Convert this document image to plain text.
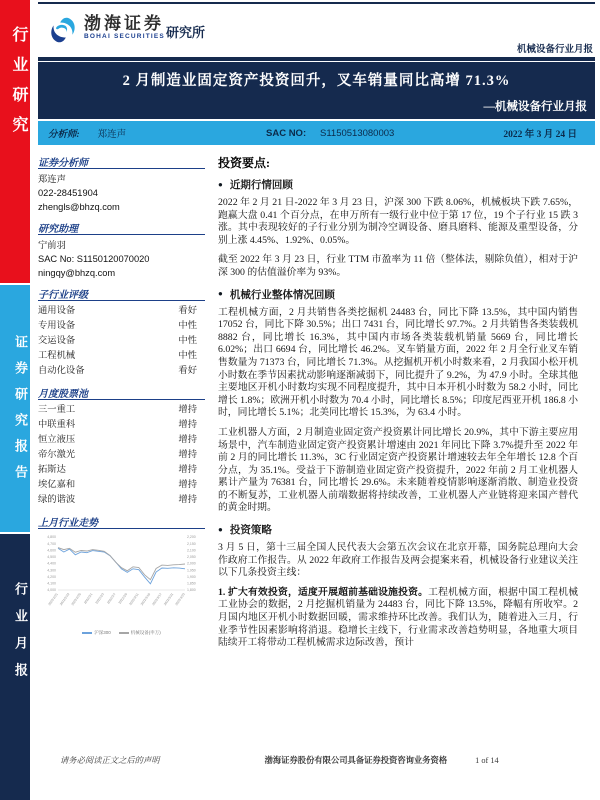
行业研究
证券研究报告
行业月报
渤海证券
BOHAI SECURITIES 研究所
机械设备行业月报
2 月制造业固定资产投资回升，叉车销量同比高增 71.3%
—机械设备行业月报
分析师: 郑连声	SAC NO: S1150513080003	2022 年 3 月 24 日
证券分析师
郑连声
022-28451904
zhengls@bhzq.com
研究助理
宁前羽
SAC No: S1150120070020
ningqy@bhzq.com
子行业评级
通用设备	看好
专用设备	中性
交运设备	中性
工程机械	中性
自动化设备	看好
月度股票池
三一重工	增持
中联重科	增持
恒立液压	增持
帝尔激光	增持
拓斯达	增持
埃亿嘉和	增持
绿的谐波	增持
上月行业走势
4,800
4,700
4,600
4,500
4,400
4,300
4,200
4,100
4,000
2,200
2,150
2,100
2,050
2,000
1,950
1,900
1,850
1,800
2022/2/21 2022/2/23 2022/2/25 2022/3/1 2022/3/3 2022/3/7 2022/3/9 2022/3/11 2022/3/15 2022/3/17 2022/3/21 2022/3/23
沪深300	机械设备(申万)
投资要点:
●
近期行情回顾

2022 年 2 月 21 日-2022 年 3 月 23 日，沪深 300 下跌 8.06%，机械板块下跌 7.65%，跑赢大盘 0.41 个百分点，在申万所有一级行业中位于第 17 位，19 个子行业 15 跌 3 涨。其中表现较好的子行业分别为制冷空调设备、磨具磨料、能源及重型设备，分别上涨 4.45%、1.92%、0.05%。

截至 2022 年 3 月 23 日，行业 TTM 市盈率为 11 倍（整体法，剔除负值），相对于沪深 300 的估值溢价率为 93%。

●
机械行业整体情况回顾

工程机械方面，2 月共销售各类挖掘机 24483 台，同比下降 13.5%，其中国内销售 17052 台，同比下降 30.5%；出口 7431 台，同比增长 97.7%。2 月共销售各类装载机 8882 台，同比增长 16.3%，其中国内市场各类装载机销量 5669 台，同比增长 6.02%；出口 6694 台，同比增长 46.2%。叉车销量方面，2022 年 2 月全行业叉车销售数量为 71373 台，同比增长 71.3%。从挖掘机开机小时数来看，2 月我国小松开机小时数在季节因素扰动影响逐渐减弱下，同比提升了 9.2%，为 47.9 小时。全球其他主要地区开机小时数均实现不同程度提升，其中日本开机小时数为 58.2 小时，同比增长 1.8%；欧洲开机小时数为 70.4 小时，同比增长 8.5%；印度尼西亚开机 186.8 小时，同比增长 5.1%；北美同比增长 15.3%，为 63.4 小时。

工业机器人方面，2 月制造业固定资产投资累计同比增长 20.9%，其中下游主要应用场景中，汽车制造业固定资产投资累计增速由 2021 年同比下降 3.7%提升至 2022 年前 2 月的同比增长 11.3%，3C 行业固定资产投资累计增速较去年全年增长 12.8 个百分点，为 35.1%。受益于下游制造业固定资产投资提升，2022 年前 2 月工业机器人累计产量为 76381 台，同比增长 29.6%。未来随着疫情影响逐渐消散、制造业投资的不断复苏，工业机器人前端数据将持续改善，工业机器人产业链将迎来国产替代的黄金时期。

●
投资策略

3 月 5 日，第十三届全国人民代表大会第五次会议在北京开幕，国务院总理向大会作政府工作报告。从 2022 年政府工作报告及两会提案来看，机械设备行业建议关注以下几条投资主线：

1. 扩大有效投资，适度开展超前基础设施投资。工程机械方面，根据中国工程机械工业协会的数据，2 月挖掘机销量为 24483 台，同比下降 13.5%，降幅有所收窄。2 月国内地区开机小时数据回暖，需求维持环比改善。我们认为，随着进入三月，行业季节性因素影响将消退。稳增长主线下，行业需求改善趋势明显，各地重大项目陆续开工将带动工程机械需求边际改善，预计

请务必阅读正文之后的声明	渤海证券股份有限公司具备证券投资咨询业务资格	1 of 14
